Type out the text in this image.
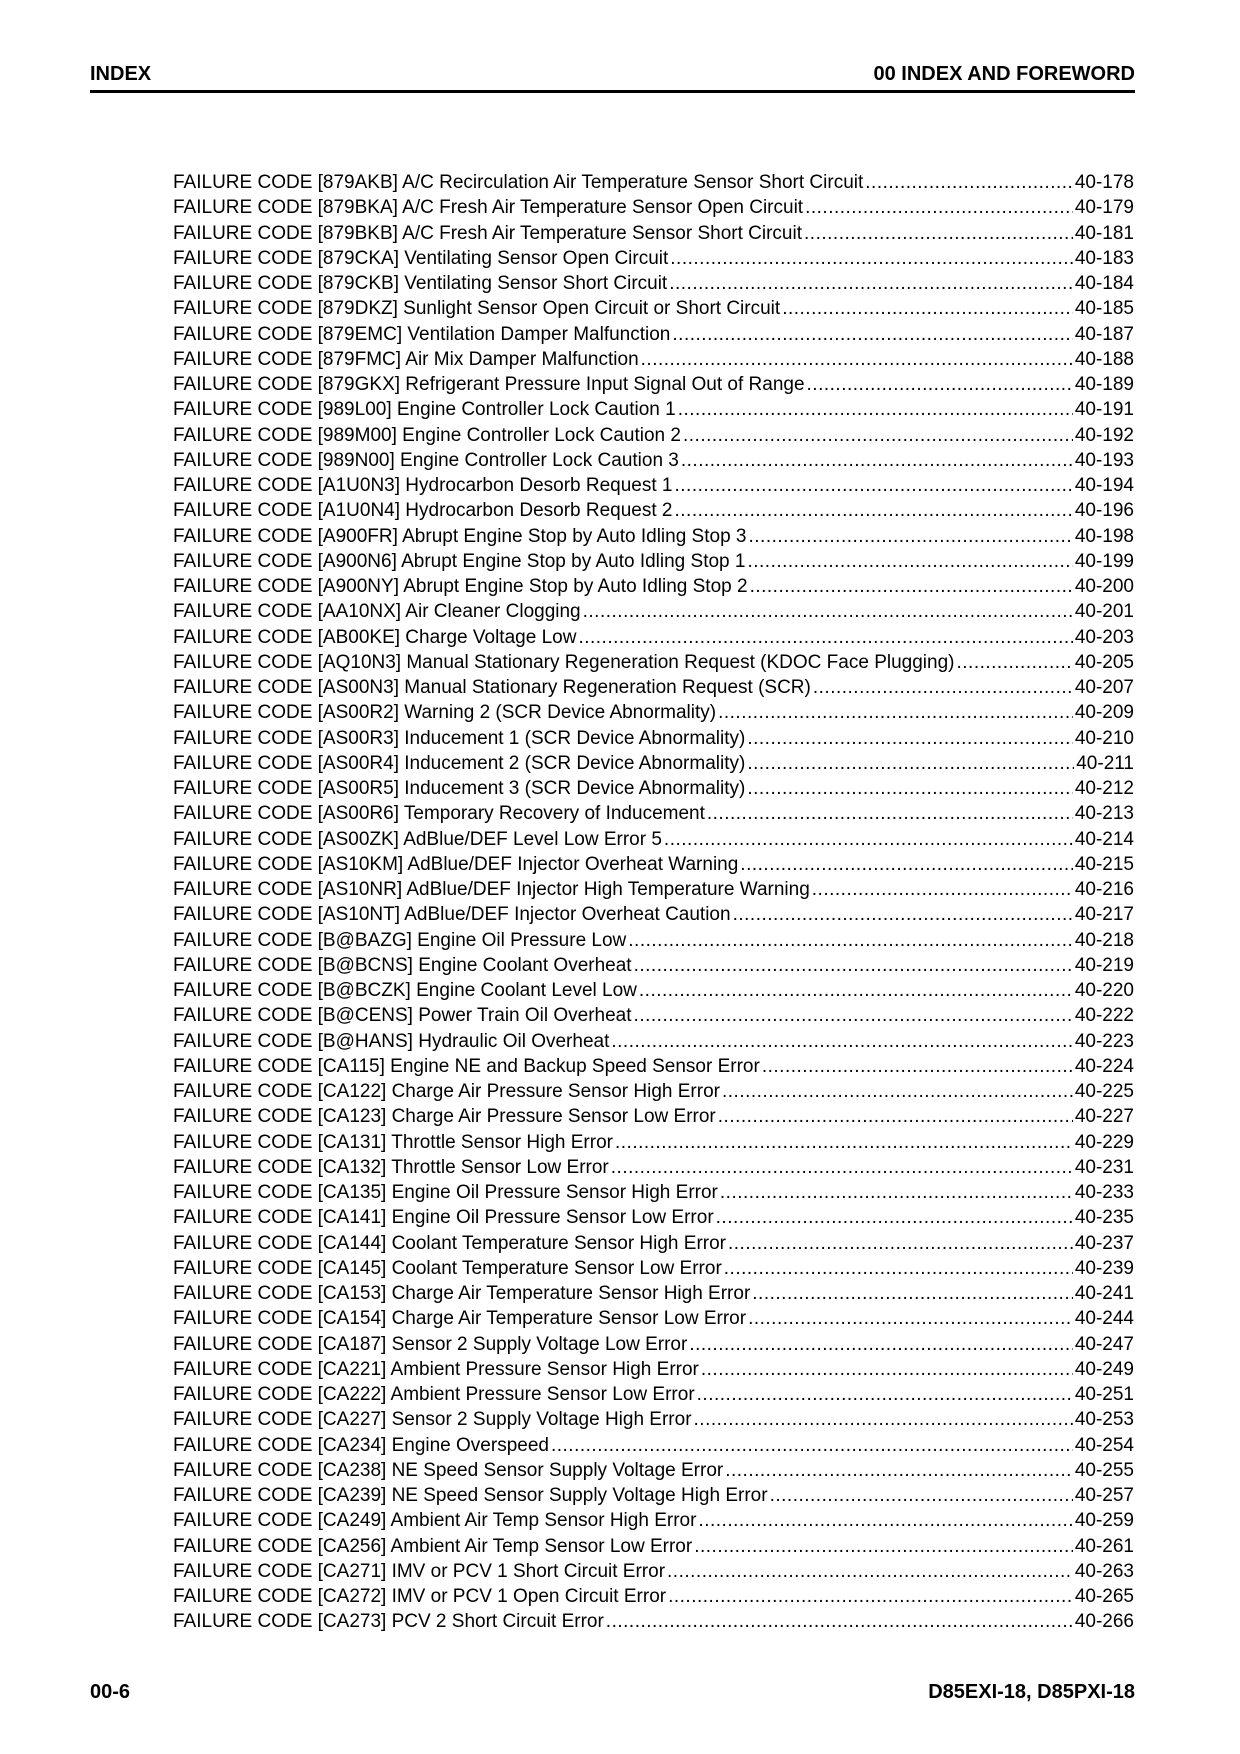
INDEX	00 INDEX AND FOREWORD
FAILURE CODE [879AKB] A/C Recirculation Air Temperature Sensor Short Circuit .....	40-178
FAILURE CODE [879BKA] A/C Fresh Air Temperature Sensor Open Circuit .....	40-179
FAILURE CODE [879BKB] A/C Fresh Air Temperature Sensor Short Circuit .....	40-181
FAILURE CODE [879CKA] Ventilating Sensor Open Circuit .....	40-183
FAILURE CODE [879CKB] Ventilating Sensor Short Circuit .....	40-184
FAILURE CODE [879DKZ] Sunlight Sensor Open Circuit or Short Circuit .....	40-185
FAILURE CODE [879EMC] Ventilation Damper Malfunction .....	40-187
FAILURE CODE [879FMC] Air Mix Damper Malfunction .....	40-188
FAILURE CODE [879GKX] Refrigerant Pressure Input Signal Out of Range .....	40-189
FAILURE CODE [989L00] Engine Controller Lock Caution 1 .....	40-191
FAILURE CODE [989M00] Engine Controller Lock Caution 2 .....	40-192
FAILURE CODE [989N00] Engine Controller Lock Caution 3 .....	40-193
FAILURE CODE [A1U0N3] Hydrocarbon Desorb Request 1 .....	40-194
FAILURE CODE [A1U0N4] Hydrocarbon Desorb Request 2 .....	40-196
FAILURE CODE [A900FR] Abrupt Engine Stop by Auto Idling Stop 3 .....	40-198
FAILURE CODE [A900N6] Abrupt Engine Stop by Auto Idling Stop 1 .....	40-199
FAILURE CODE [A900NY] Abrupt Engine Stop by Auto Idling Stop 2 .....	40-200
FAILURE CODE [AA10NX] Air Cleaner Clogging .....	40-201
FAILURE CODE [AB00KE] Charge Voltage Low .....	40-203
FAILURE CODE [AQ10N3] Manual Stationary Regeneration Request (KDOC Face Plugging) .....	40-205
FAILURE CODE [AS00N3] Manual Stationary Regeneration Request (SCR) .....	40-207
FAILURE CODE [AS00R2] Warning 2 (SCR Device Abnormality) .....	40-209
FAILURE CODE [AS00R3] Inducement 1 (SCR Device Abnormality) .....	40-210
FAILURE CODE [AS00R4] Inducement 2 (SCR Device Abnormality) .....	40-211
FAILURE CODE [AS00R5] Inducement 3 (SCR Device Abnormality) .....	40-212
FAILURE CODE [AS00R6] Temporary Recovery of Inducement .....	40-213
FAILURE CODE [AS00ZK] AdBlue/DEF Level Low Error 5 .....	40-214
FAILURE CODE [AS10KM] AdBlue/DEF Injector Overheat Warning .....	40-215
FAILURE CODE [AS10NR] AdBlue/DEF Injector High Temperature Warning .....	40-216
FAILURE CODE [AS10NT] AdBlue/DEF Injector Overheat Caution .....	40-217
FAILURE CODE [B@BAZG] Engine Oil Pressure Low .....	40-218
FAILURE CODE [B@BCNS] Engine Coolant Overheat .....	40-219
FAILURE CODE [B@BCZK] Engine Coolant Level Low .....	40-220
FAILURE CODE [B@CENS] Power Train Oil Overheat .....	40-222
FAILURE CODE [B@HANS] Hydraulic Oil Overheat .....	40-223
FAILURE CODE [CA115] Engine NE and Backup Speed Sensor Error .....	40-224
FAILURE CODE [CA122] Charge Air Pressure Sensor High Error .....	40-225
FAILURE CODE [CA123] Charge Air Pressure Sensor Low Error .....	40-227
FAILURE CODE [CA131] Throttle Sensor High Error .....	40-229
FAILURE CODE [CA132] Throttle Sensor Low Error .....	40-231
FAILURE CODE [CA135] Engine Oil Pressure Sensor High Error .....	40-233
FAILURE CODE [CA141] Engine Oil Pressure Sensor Low Error .....	40-235
FAILURE CODE [CA144] Coolant Temperature Sensor High Error .....	40-237
FAILURE CODE [CA145] Coolant Temperature Sensor Low Error .....	40-239
FAILURE CODE [CA153] Charge Air Temperature Sensor High Error .....	40-241
FAILURE CODE [CA154] Charge Air Temperature Sensor Low Error .....	40-244
FAILURE CODE [CA187] Sensor 2 Supply Voltage Low Error .....	40-247
FAILURE CODE [CA221] Ambient Pressure Sensor High Error .....	40-249
FAILURE CODE [CA222] Ambient Pressure Sensor Low Error .....	40-251
FAILURE CODE [CA227] Sensor 2 Supply Voltage High Error .....	40-253
FAILURE CODE [CA234] Engine Overspeed .....	40-254
FAILURE CODE [CA238] NE Speed Sensor Supply Voltage Error .....	40-255
FAILURE CODE [CA239] NE Speed Sensor Supply Voltage High Error .....	40-257
FAILURE CODE [CA249] Ambient Air Temp Sensor High Error .....	40-259
FAILURE CODE [CA256] Ambient Air Temp Sensor Low Error .....	40-261
FAILURE CODE [CA271] IMV or PCV 1 Short Circuit Error .....	40-263
FAILURE CODE [CA272] IMV or PCV 1 Open Circuit Error .....	40-265
FAILURE CODE [CA273] PCV 2 Short Circuit Error .....	40-266
00-6	D85EXI-18, D85PXI-18
